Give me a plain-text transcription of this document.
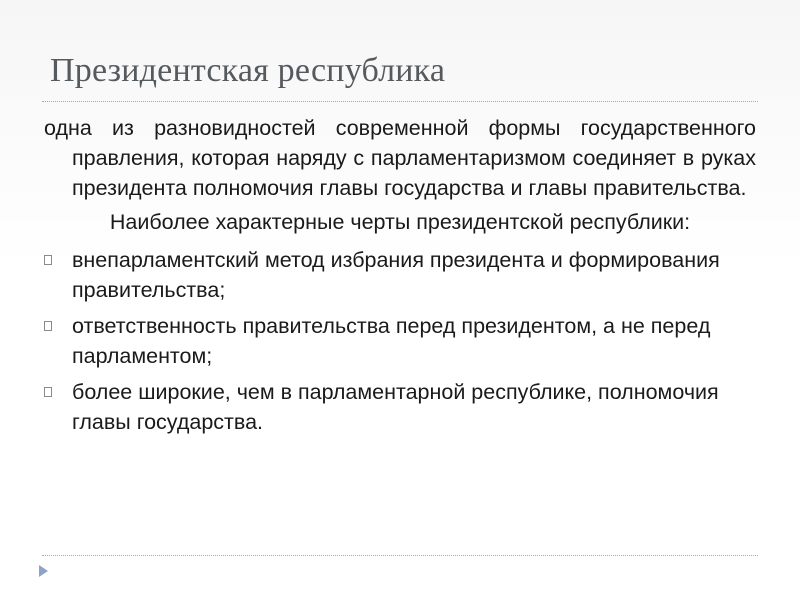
Президентская республика

одна из разновидностей современной формы государственного правления, которая наряду с парламентаризмом соединяет в руках президента полномочия главы государства и главы правительства.

Наиболее характерные черты президентской республики:

внепарламентский метод избрания президента и формирования правительства;
ответственность правительства перед президентом, а не перед парламентом;
более широкие, чем в парламентарной республике, полномочия главы государства.
